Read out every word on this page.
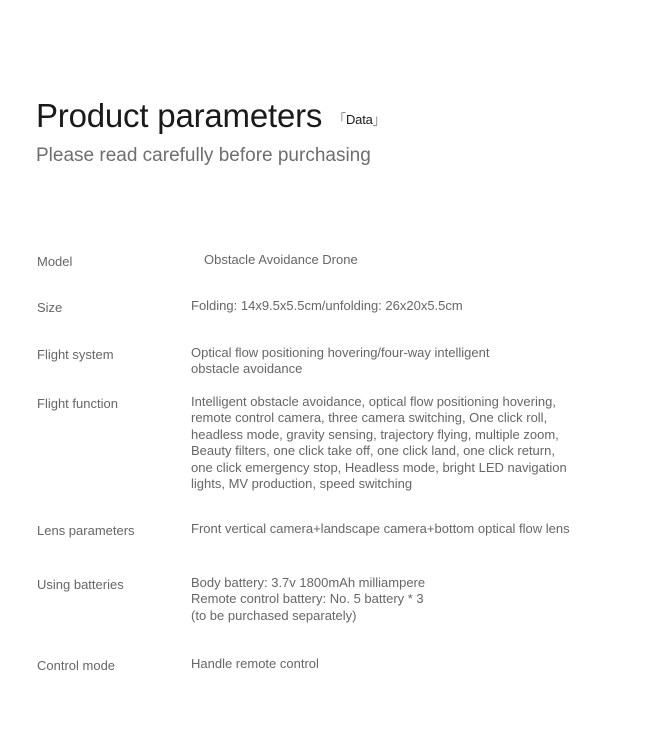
Product parameters $^{「Data」}$
Please read carefully before purchasing
Model	Obstacle Avoidance Drone
Size	Folding: 14x9.5x5.5cm/unfolding: 26x20x5.5cm
Flight system	Optical flow positioning hovering/four-way intelligent
obstacle avoidance
Flight function	Intelligent obstacle avoidance, optical flow positioning hovering,
remote control camera, three camera switching, One click roll,
headless mode, gravity sensing, trajectory flying, multiple zoom,
Beauty filters, one click take off, one click land, one click return,
one click emergency stop, Headless mode, bright LED navigation
lights, MV production, speed switching
Lens parameters	Front vertical camera+landscape camera+bottom optical flow lens
Using batteries	Body battery: 3.7v 1800mAh milliampere
Remote control battery: No. 5 battery * 3
(to be purchased separately)
Control mode	Handle remote control
